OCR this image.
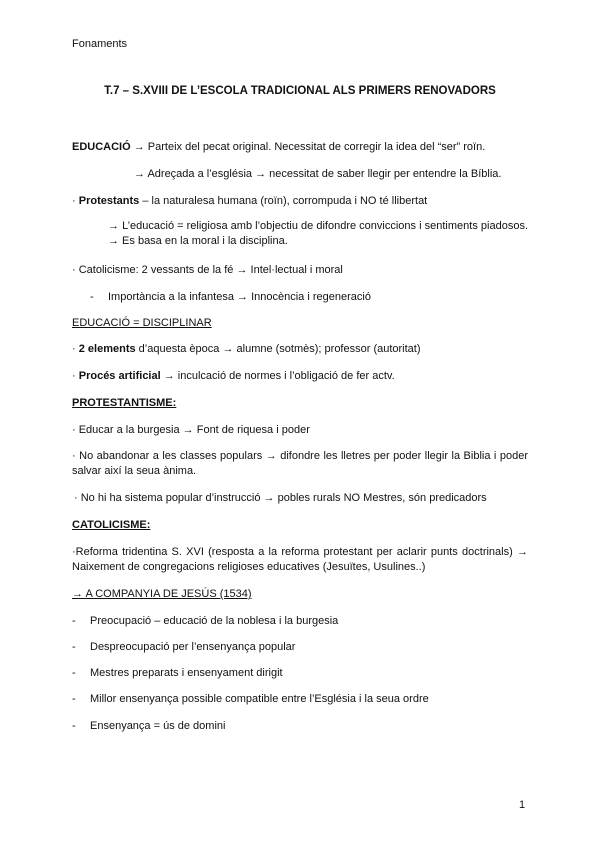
Fonaments
T.7 – S.XVIII DE L’ESCOLA TRADICIONAL ALS PRIMERS RENOVADORS
EDUCACIÓ → Parteix del pecat original. Necessitat de corregir la idea del “ser” roïn.
→ Adreçada a l’església → necessitat de saber llegir per entendre la Bíblia.
· Protestants – la naturalesa humana (roïn), corrompuda i NO té llibertat
→ L’educació = religiosa amb l’objectiu de difondre conviccions i sentiments piadosos. → Es basa en la moral i la disciplina.
· Catolicisme: 2 vessants de la fé → Intel·lectual i moral
- Importància a la infantesa → Innocència i regeneració
EDUCACIÓ = DISCIPLINAR
· 2 elements d’aquesta època → alumne (sotmès); professor (autoritat)
· Procés artificial → inculcació de normes i l’obligació de fer actv.
PROTESTANTISME:
· Educar a la burgesia → Font de riquesa i poder
· No abandonar a les classes populars → difondre les lletres per poder llegir la Biblia i poder salvar així la seua ànima.
· No hi ha sistema popular d’instrucció → pobles rurals NO Mestres, són predicadors
CATOLICISME:
·Reforma tridentina S. XVI (resposta a la reforma protestant per aclarir punts doctrinals) → Naixement de congregacions religioses educatives (Jesuïtes, Usulines..)
→ A COMPANYIA DE JESÚS (1534)
- Preocupació – educació de la noblesa i la burgesia
- Despreocupació per l’ensenyança popular
- Mestres preparats i ensenyament dirigit
- Millor ensenyança possible compatible entre l’Església i la seua ordre
- Ensenyança = ús de domini
1
